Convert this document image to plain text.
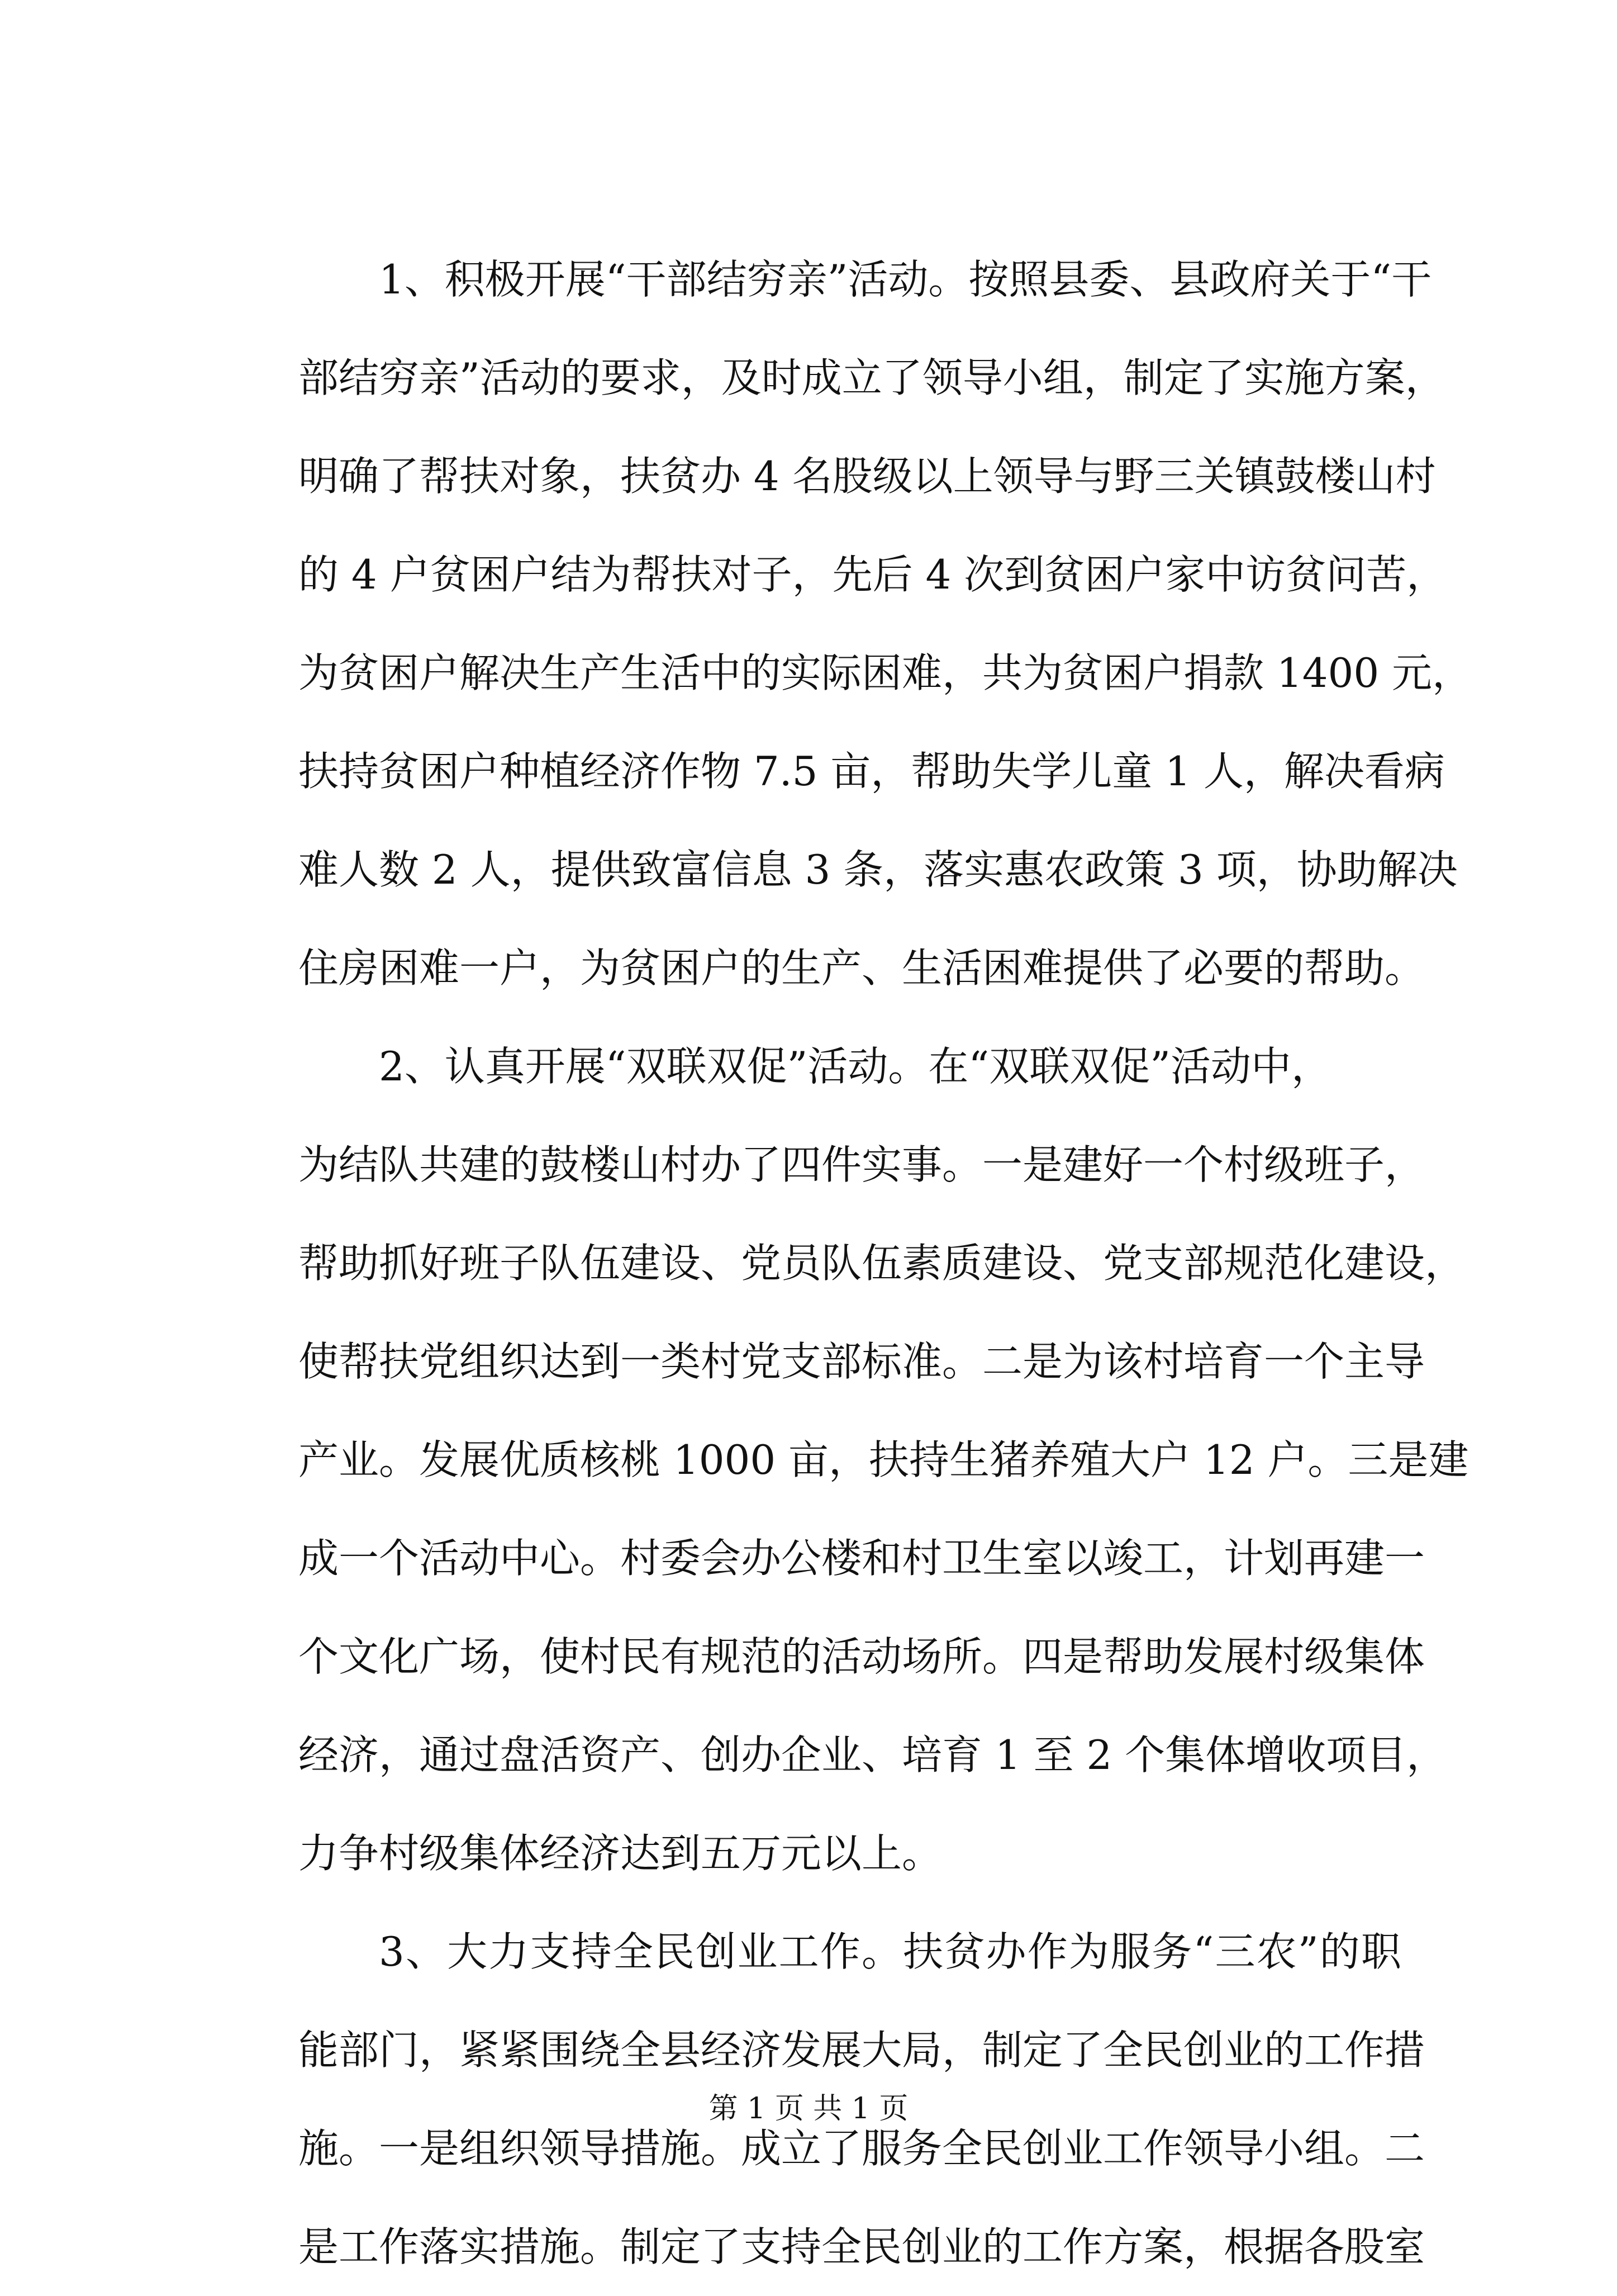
1、积极开展“干部结穷亲”活动。按照县委、县政府关于“干
部结穷亲”活动的要求，及时成立了领导小组，制定了实施方案，
明确了帮扶对象，扶贫办 4 名股级以上领导与野三关镇鼓楼山村
的 4 户贫困户结为帮扶对子，先后 4 次到贫困户家中访贫问苦，
为贫困户解决生产生活中的实际困难，共为贫困户捐款 1400 元，
扶持贫困户种植经济作物 7.5 亩，帮助失学儿童 1 人，解决看病
难人数 2 人，提供致富信息 3 条，落实惠农政策 3 项，协助解决
住房困难一户，为贫困户的生产、生活困难提供了必要的帮助。
2、认真开展“双联双促”活动。在“双联双促”活动中，
为结队共建的鼓楼山村办了四件实事。一是建好一个村级班子，
帮助抓好班子队伍建设、党员队伍素质建设、党支部规范化建设，
使帮扶党组织达到一类村党支部标准。二是为该村培育一个主导
产业。发展优质核桃 1000 亩，扶持生猪养殖大户 12 户。三是建
成一个活动中心。村委会办公楼和村卫生室以竣工，计划再建一
个文化广场，使村民有规范的活动场所。四是帮助发展村级集体
经济，通过盘活资产、创办企业、培育 1 至 2 个集体增收项目，
力争村级集体经济达到五万元以上。
3、大力支持全民创业工作。扶贫办作为服务“三农”的职
能部门，紧紧围绕全县经济发展大局，制定了全民创业的工作措
施。一是组织领导措施。成立了服务全民创业工作领导小组。二
是工作落实措施。制定了支持全民创业的工作方案，根据各股室
第 1 页 共 1 页
